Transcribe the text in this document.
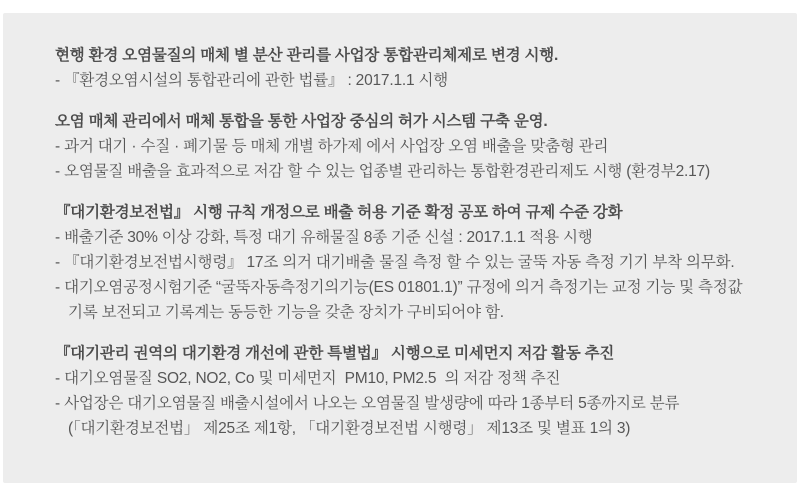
현행 환경 오염물질의 매체 별 분산 관리를 사업장 통합관리체제로 변경 시행.
- 『환경오염시설의 통합관리에 관한 법률』 : 2017.1.1 시행
오염 매체 관리에서 매체 통합을 통한 사업장 중심의 허가 시스템 구축 운영.
- 과거 대기 · 수질 · 폐기물 등 매체 개별 하가제 에서 사업장 오염 배출을 맞춤형 관리
- 오염물질 배출을 효과적으로 저감 할 수 있는 업종별 관리하는 통합환경관리제도 시행 (환경부2.17)
『대기환경보전법』 시행 규칙 개정으로 배출 허용 기준 확정 공포 하여 규제 수준 강화
- 배출기준 30% 이상 강화, 특정 대기 유해물질 8종 기준 신설 : 2017.1.1 적용 시행
- 『대기환경보전법시행령』 17조 의거 대기배출 물질 측정 할 수 있는 굴뚝 자동 측정 기기 부착 의무화.
- 대기오염공정시험기준 “굴뚝자동측정기의기능(ES 01801.1)” 규정에 의거 측정기는 교정 기능 및 측정값
기록 보전되고 기록계는 동등한 기능을 갖춘 장치가 구비되어야 함.
『대기관리 권역의 대기환경 개선에 관한 특별법』 시행으로 미세먼지 저감 활동 추진
- 대기오염물질 SO2, NO2, Co 및 미세먼지  PM10, PM2.5  의 저감 정책 추진
- 사업장은 대기오염물질 배출시설에서 나오는 오염물질 발생량에 따라 1종부터 5종까지로 분류
(「대기환경보전법」 제25조 제1항, 「대기환경보전법 시행령」 제13조 및 별표 1의 3)
